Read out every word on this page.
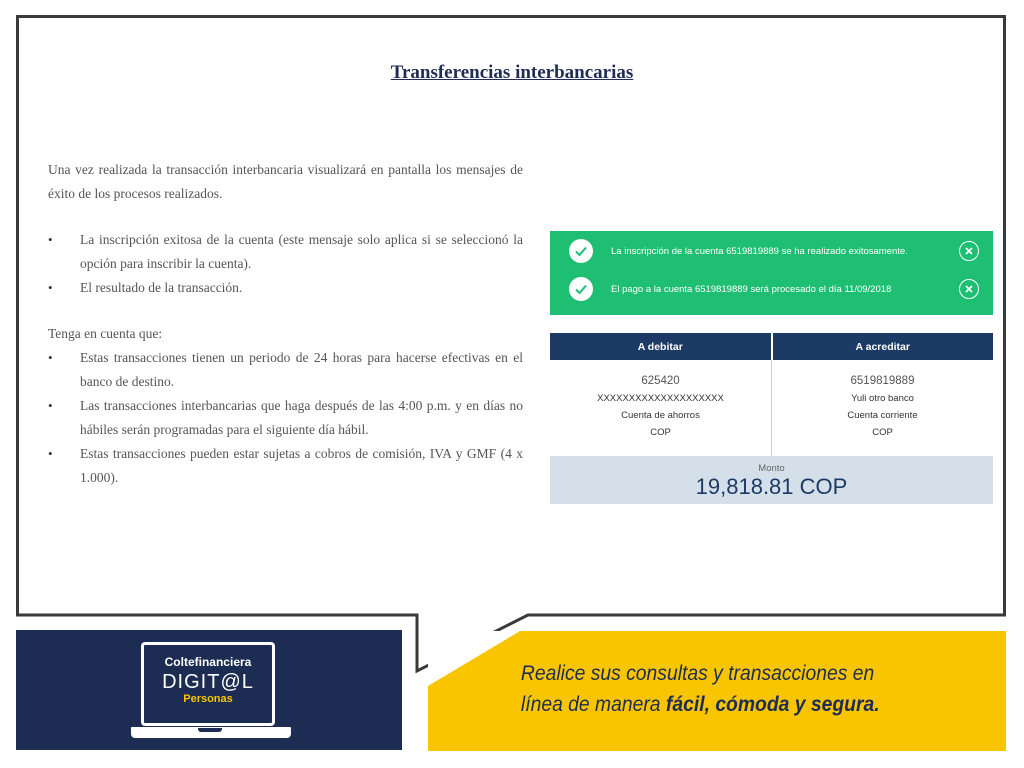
Transferencias interbancarias

Una vez realizada la transacción interbancaria visualizará en pantalla los mensajes de éxito de los procesos realizados.

• La inscripción exitosa de la cuenta (este mensaje solo aplica si se seleccionó la opción para inscribir la cuenta).
• El resultado de la transacción.
Tenga en cuenta que:
• Estas transacciones tienen un periodo de 24 horas para hacerse efectivas en el banco de destino.
• Las transacciones interbancarias que haga después de las 4:00 p.m. y en días no hábiles serán programadas para el siguiente día hábil.
• Estas transacciones pueden estar sujetas a cobros de comisión, IVA y GMF (4 x 1.000).
La inscripción de la cuenta 6519819889 se ha realizado exitosamente.
El pago a la cuenta 6519819889 será procesado el día 11/09/2018
A debitar	A acreditar
625420
XXXXXXXXXXXXXXXXXXXX
Cuenta de ahorros
COP
6519819889
Yuli otro banco
Cuenta corriente
COP
Monto
19,818.81 COP
Coltefinanciera
DIGIT@L
Personas
Realice sus consultas y transacciones en
línea de manera fácil, cómoda y segura.
